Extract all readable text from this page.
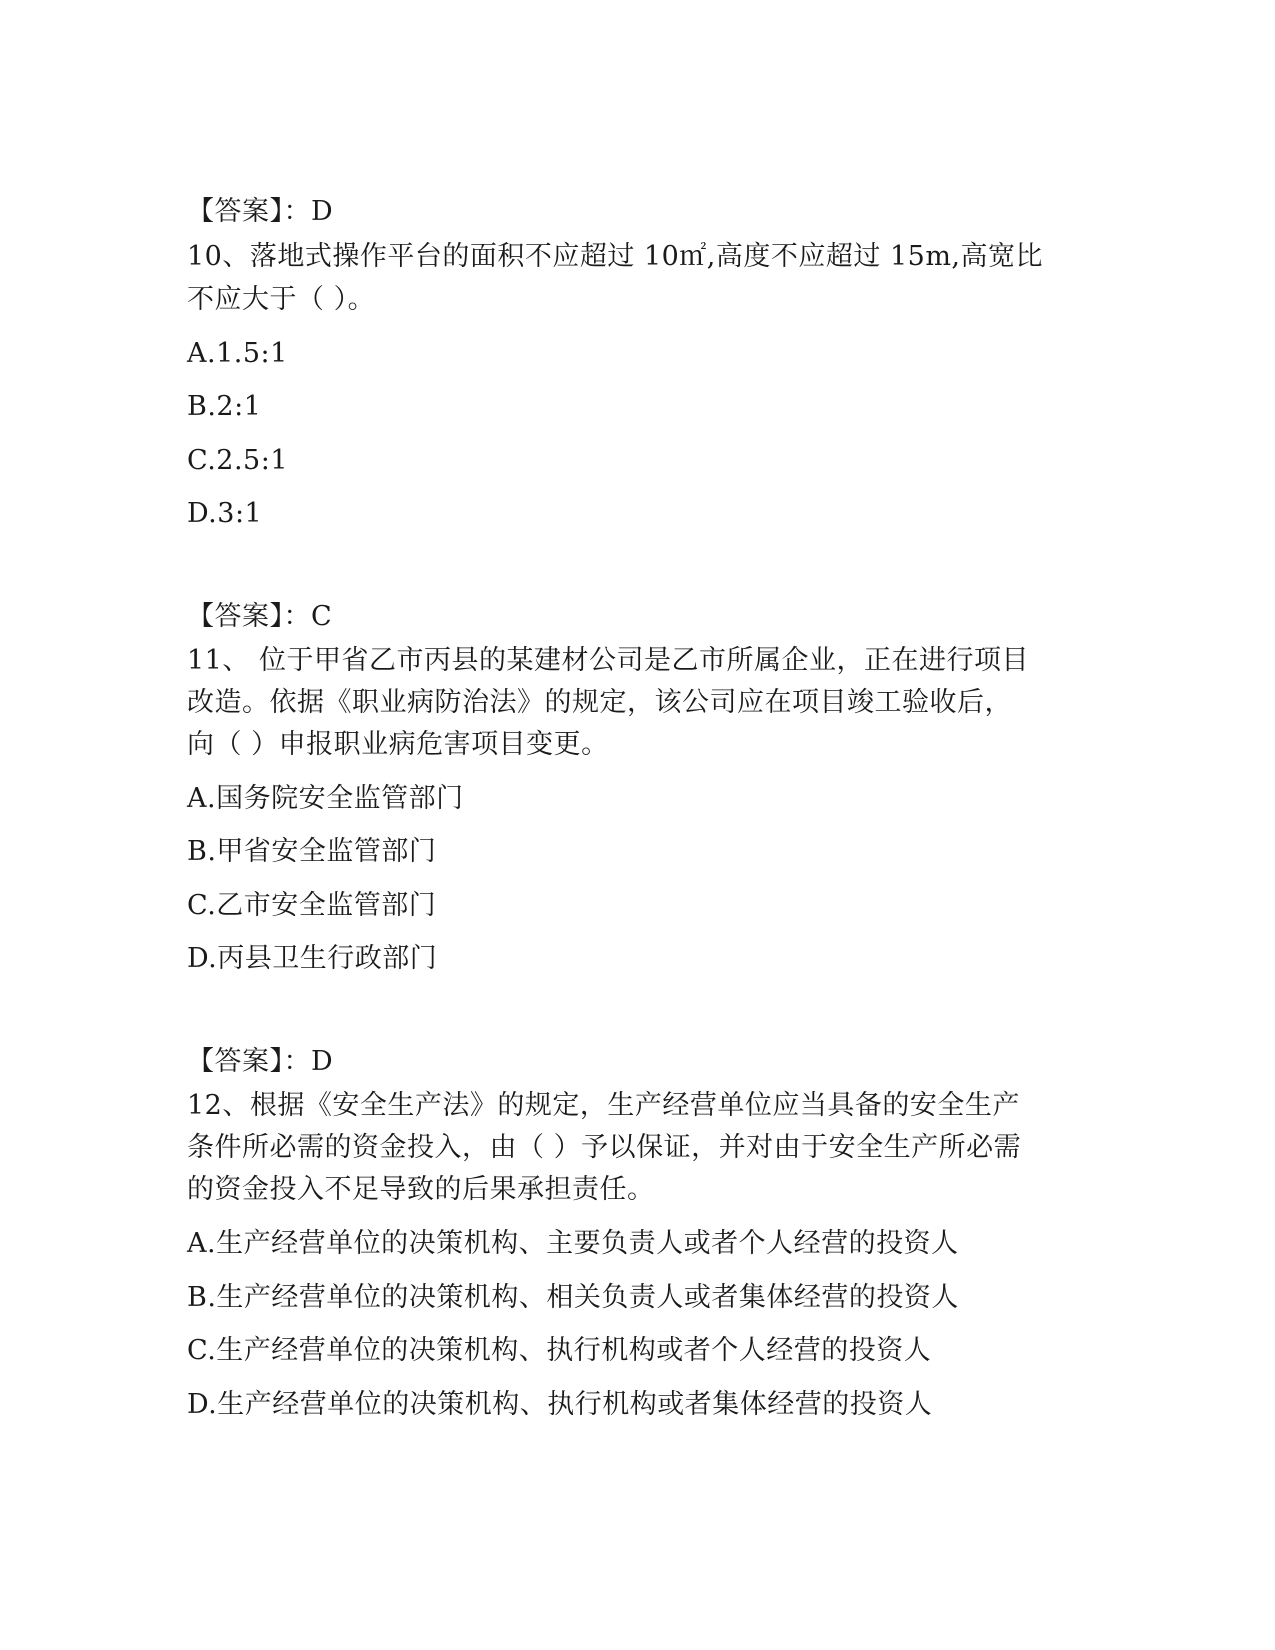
【答案】：D
10、落地式操作平台的面积不应超过 10㎡,高度不应超过 15m,高宽比
不应大于（ ）。
A.1.5:1
B.2:1
C.2.5:1
D.3:1
【答案】：C
11、 位于甲省乙市丙县的某建材公司是乙市所属企业，正在进行项目
改造。依据《职业病防治法》的规定，该公司应在项目竣工验收后，
向（ ）申报职业病危害项目变更。
A.国务院安全监管部门
B.甲省安全监管部门
C.乙市安全监管部门
D.丙县卫生行政部门
【答案】：D
12、根据《安全生产法》的规定，生产经营单位应当具备的安全生产
条件所必需的资金投入，由（ ）予以保证，并对由于安全生产所必需
的资金投入不足导致的后果承担责任。
A.生产经营单位的决策机构、主要负责人或者个人经营的投资人
B.生产经营单位的决策机构、相关负责人或者集体经营的投资人
C.生产经营单位的决策机构、执行机构或者个人经营的投资人
D.生产经营单位的决策机构、执行机构或者集体经营的投资人
